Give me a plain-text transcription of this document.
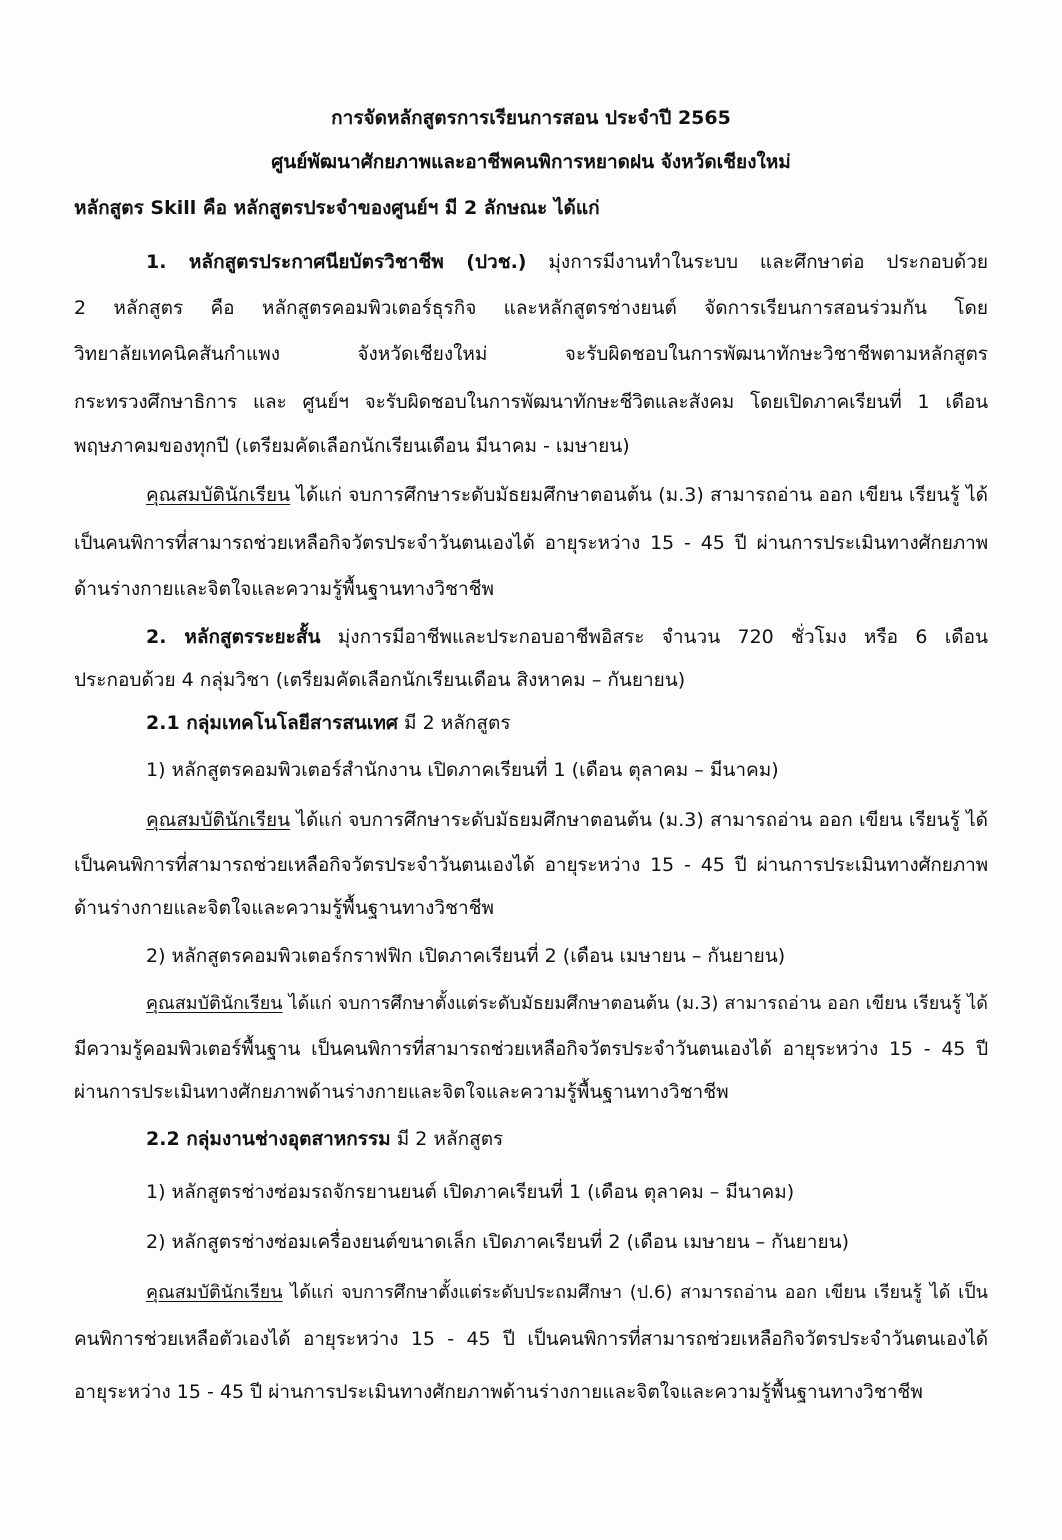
การจัดหลักสูตรการเรียนการสอน ประจำปี 2565
ศูนย์พัฒนาศักยภาพและอาชีพคนพิการหยาดฝน จังหวัดเชียงใหม่
หลักสูตร Skill คือ หลักสูตรประจำของศูนย์ฯ มี 2 ลักษณะ ได้แก่
1. หลักสูตรประกาศนียบัตรวิชาชีพ (ปวช.) มุ่งการมีงานทำในระบบ และศึกษาต่อ ประกอบด้วย
2 หลักสูตร คือ หลักสูตรคอมพิวเตอร์ธุรกิจ และหลักสูตรช่างยนต์ จัดการเรียนการสอนร่วมกัน โดย
วิทยาลัยเทคนิคสันกำแพง จังหวัดเชียงใหม่ จะรับผิดชอบในการพัฒนาทักษะวิชาชีพตามหลักสูตร
กระทรวงศึกษาธิการ และ ศูนย์ฯ จะรับผิดชอบในการพัฒนาทักษะชีวิตและสังคม โดยเปิดภาคเรียนที่ 1 เดือน
พฤษภาคมของทุกปี (เตรียมคัดเลือกนักเรียนเดือน มีนาคม - เมษายน)
คุณสมบัตินักเรียน ได้แก่ จบการศึกษาระดับมัธยมศึกษาตอนต้น (ม.3) สามารถอ่าน ออก เขียน เรียนรู้ ได้
เป็นคนพิการที่สามารถช่วยเหลือกิจวัตรประจำวันตนเองได้ อายุระหว่าง 15 - 45 ปี ผ่านการประเมินทางศักยภาพ
ด้านร่างกายและจิตใจและความรู้พื้นฐานทางวิชาชีพ
2. หลักสูตรระยะสั้น มุ่งการมีอาชีพและประกอบอาชีพอิสระ จำนวน 720 ชั่วโมง หรือ 6 เดือน
ประกอบด้วย 4 กลุ่มวิชา (เตรียมคัดเลือกนักเรียนเดือน สิงหาคม – กันยายน)
2.1 กลุ่มเทคโนโลยีสารสนเทศ มี 2 หลักสูตร
1) หลักสูตรคอมพิวเตอร์สำนักงาน เปิดภาคเรียนที่ 1 (เดือน ตุลาคม – มีนาคม)
คุณสมบัตินักเรียน ได้แก่ จบการศึกษาระดับมัธยมศึกษาตอนต้น (ม.3) สามารถอ่าน ออก เขียน เรียนรู้ ได้
เป็นคนพิการที่สามารถช่วยเหลือกิจวัตรประจำวันตนเองได้ อายุระหว่าง 15 - 45 ปี ผ่านการประเมินทางศักยภาพ
ด้านร่างกายและจิตใจและความรู้พื้นฐานทางวิชาชีพ
2) หลักสูตรคอมพิวเตอร์กราฟฟิก เปิดภาคเรียนที่ 2 (เดือน เมษายน – กันยายน)
คุณสมบัตินักเรียน ได้แก่ จบการศึกษาตั้งแต่ระดับมัธยมศึกษาตอนต้น (ม.3) สามารถอ่าน ออก เขียน เรียนรู้ ได้
มีความรู้คอมพิวเตอร์พื้นฐาน เป็นคนพิการที่สามารถช่วยเหลือกิจวัตรประจำวันตนเองได้ อายุระหว่าง 15 - 45 ปี
ผ่านการประเมินทางศักยภาพด้านร่างกายและจิตใจและความรู้พื้นฐานทางวิชาชีพ
2.2 กลุ่มงานช่างอุตสาหกรรม มี 2 หลักสูตร
1) หลักสูตรช่างซ่อมรถจักรยานยนต์ เปิดภาคเรียนที่ 1 (เดือน ตุลาคม – มีนาคม)
2) หลักสูตรช่างซ่อมเครื่องยนต์ขนาดเล็ก เปิดภาคเรียนที่ 2 (เดือน เมษายน – กันยายน)
คุณสมบัตินักเรียน ได้แก่ จบการศึกษาตั้งแต่ระดับประถมศึกษา (ป.6) สามารถอ่าน ออก เขียน เรียนรู้ ได้ เป็น
คนพิการช่วยเหลือตัวเองได้ อายุระหว่าง 15 - 45 ปี เป็นคนพิการที่สามารถช่วยเหลือกิจวัตรประจำวันตนเองได้
อายุระหว่าง 15 - 45 ปี ผ่านการประเมินทางศักยภาพด้านร่างกายและจิตใจและความรู้พื้นฐานทางวิชาชีพ
